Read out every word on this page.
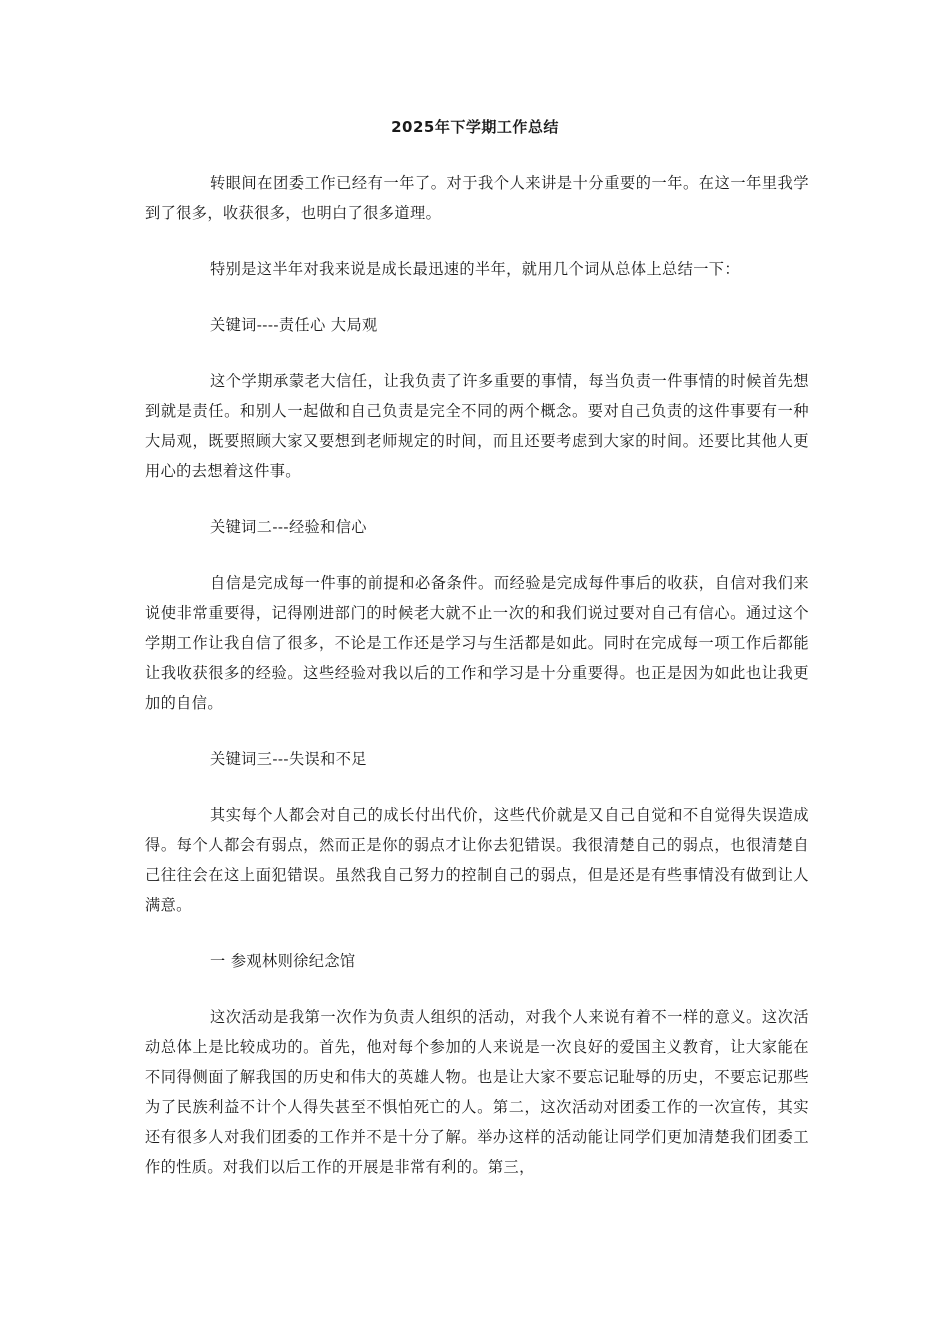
2025年下学期工作总结

转眼间在团委工作已经有一年了。对于我个人来讲是十分重要的一年。在这一年里我学到了很多，收获很多，也明白了很多道理。

特别是这半年对我来说是成长最迅速的半年，就用几个词从总体上总结一下：

关键词----责任心 大局观

这个学期承蒙老大信任，让我负责了许多重要的事情，每当负责一件事情的时候首先想到就是责任。和别人一起做和自己负责是完全不同的两个概念。要对自己负责的这件事要有一种大局观，既要照顾大家又要想到老师规定的时间，而且还要考虑到大家的时间。还要比其他人更用心的去想着这件事。

关键词二---经验和信心

自信是完成每一件事的前提和必备条件。而经验是完成每件事后的收获，自信对我们来说使非常重要得，记得刚进部门的时候老大就不止一次的和我们说过要对自己有信心。通过这个学期工作让我自信了很多，不论是工作还是学习与生活都是如此。同时在完成每一项工作后都能让我收获很多的经验。这些经验对我以后的工作和学习是十分重要得。也正是因为如此也让我更加的自信。

关键词三---失误和不足

其实每个人都会对自己的成长付出代价，这些代价就是又自己自觉和不自觉得失误造成得。每个人都会有弱点，然而正是你的弱点才让你去犯错误。我很清楚自己的弱点，也很清楚自己往往会在这上面犯错误。虽然我自己努力的控制自己的弱点，但是还是有些事情没有做到让人满意。

一 参观林则徐纪念馆

这次活动是我第一次作为负责人组织的活动，对我个人来说有着不一样的意义。这次活动总体上是比较成功的。首先，他对每个参加的人来说是一次良好的爱国主义教育，让大家能在不同得侧面了解我国的历史和伟大的英雄人物。也是让大家不要忘记耻辱的历史，不要忘记那些为了民族利益不计个人得失甚至不惧怕死亡的人。第二，这次活动对团委工作的一次宣传，其实还有很多人对我们团委的工作并不是十分了解。举办这样的活动能让同学们更加清楚我们团委工作的性质。对我们以后工作的开展是非常有利的。第三，
